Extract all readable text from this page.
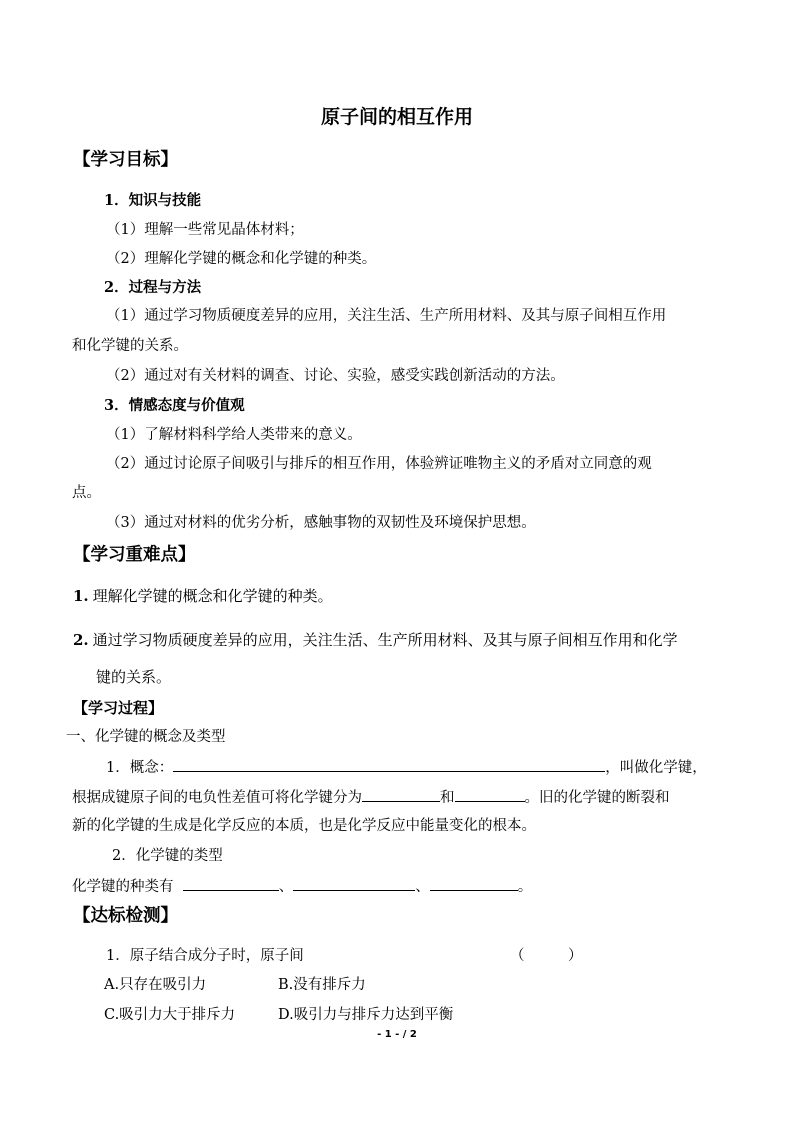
原子间的相互作用
【学习目标】
1．知识与技能
（1）理解一些常见晶体材料；
（2）理解化学键的概念和化学键的种类。
2．过程与方法
（1）通过学习物质硬度差异的应用，关注生活、生产所用材料、及其与原子间相互作用
和化学键的关系。
（2）通过对有关材料的调查、讨论、实验，感受实践创新活动的方法。
3．情感态度与价值观
（1）了解材料科学给人类带来的意义。
（2）通过讨论原子间吸引与排斥的相互作用，体验辨证唯物主义的矛盾对立同意的观
点。
（3）通过对材料的优劣分析，感触事物的双韧性及环境保护思想。
【学习重难点】
1. 理解化学键的概念和化学键的种类。
2. 通过学习物质硬度差异的应用，关注生活、生产所用材料、及其与原子间相互作用和化学
键的关系。
【学习过程】
一、化学键的概念及类型
1．概念：	，叫做化学键，
根据成键原子间的电负性差值可将化学键分为	和	。旧的化学键的断裂和
新的化学键的生成是化学反应的本质，也是化学反应中能量变化的根本。
2．化学键的类型
化学键的种类有	、	、	。
【达标检测】
1．原子结合成分子时，原子间	（　　　）
A.只存在吸引力	B.没有排斥力
C.吸引力大于排斥力	D.吸引力与排斥力达到平衡
- 1 - / 2
